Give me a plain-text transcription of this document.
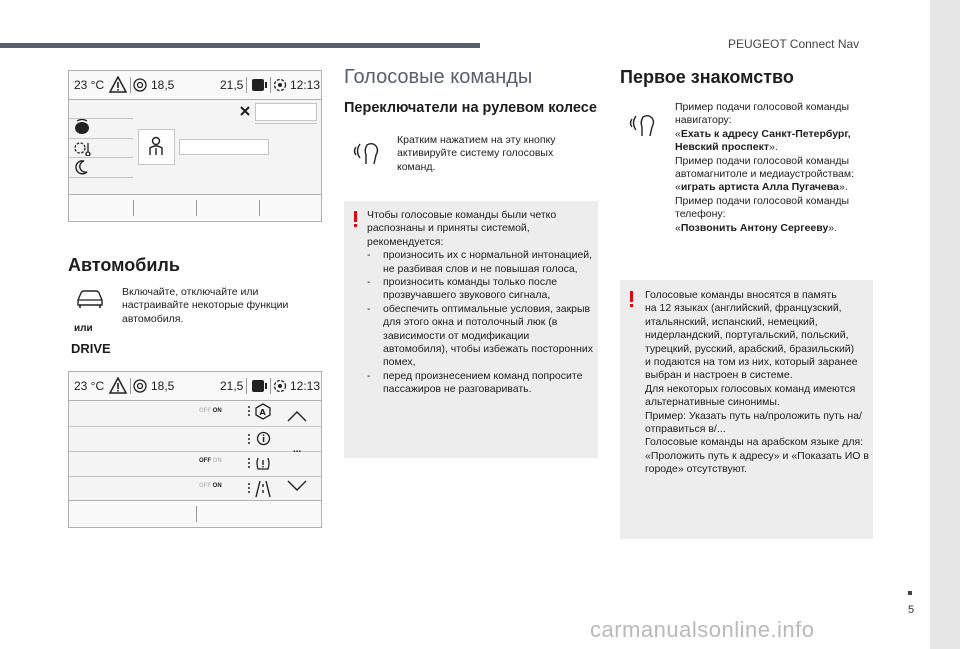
PEUGEOT Connect Nav
5
carmanualsonline.info
23 °C	18,5	21,5	12:13
Автомобиль
Включайте, отключайте или настраивайте некоторые функции автомобиля.
или
DRIVE
23 °C	18,5	21,5	12:13
OFF ON	A
...
OFF ON
OFF ON
Голосовые команды
Переключатели на рулевом колесе
Кратким нажатием на эту кнопку активируйте систему голосовых команд.
Чтобы голосовые команды были четко распознаны и приняты системой, рекомендуется:
- произносить их с нормальной интонацией, не разбивая слов и не повышая голоса,
- произносить команды только после прозвучавшего звукового сигнала,
- обеспечить оптимальные условия, закрыв для этого окна и потолочный люк (в зависимости от модификации автомобиля), чтобы избежать посторонних помех,
- перед произнесением команд попросите пассажиров не разговаривать.
Первое знакомство
Пример подачи голосовой команды навигатору:
«Ехать к адресу Санкт-Петербург, Невский проспект».
Пример подачи голосовой команды автомагнитоле и медиаустройствам:
«играть артиста Алла Пугачева».
Пример подачи голосовой команды телефону:
«Позвонить Антону Сергееву».
Голосовые команды вносятся в память
на 12 языках (английский, французский,
итальянский, испанский, немецкий,
нидерландский, португальский, польский,
турецкий, русский, арабский, бразильский)
и подаются на том из них, который заранее
выбран и настроен в системе.
Для некоторых голосовых команд имеются
альтернативные синонимы.
Пример: Указать путь на/проложить путь на/
отправиться в/...
Голосовые команды на арабском языке для:
«Проложить путь к адресу» и «Показать ИО в
городе» отсутствуют.
